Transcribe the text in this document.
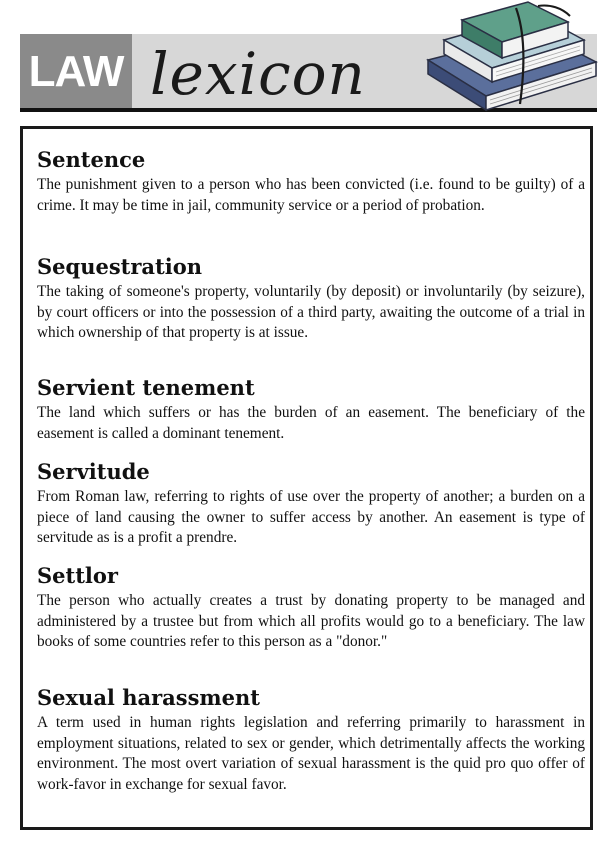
LAW lexicon
Sentence

The punishment given to a person who has been convicted (i.e. found to be guilty) of a crime. It may be time in jail, community service or a period of probation.

Sequestration

The taking of someone's property, voluntarily (by deposit) or involuntarily (by seizure), by court officers or into the possession of a third party, awaiting the outcome of a trial in which ownership of that property is at issue.

Servient tenement

The land which suffers or has the burden of an easement. The beneficiary of the easement is called a dominant tenement.

Servitude

From Roman law, referring to rights of use over the property of another; a burden on a piece of land causing the owner to suffer access by another. An easement is type of servitude as is a profit a prendre.

Settlor

The person who actually creates a trust by donating property to be managed and administered by a trustee but from which all profits would go to a beneficiary. The law books of some countries refer to this person as a "donor."

Sexual harassment

A term used in human rights legislation and referring primarily to harassment in employment situations, related to sex or gender, which detrimentally affects the working environment. The most overt variation of sexual harassment is the quid pro quo offer of work-favor in exchange for sexual favor.
